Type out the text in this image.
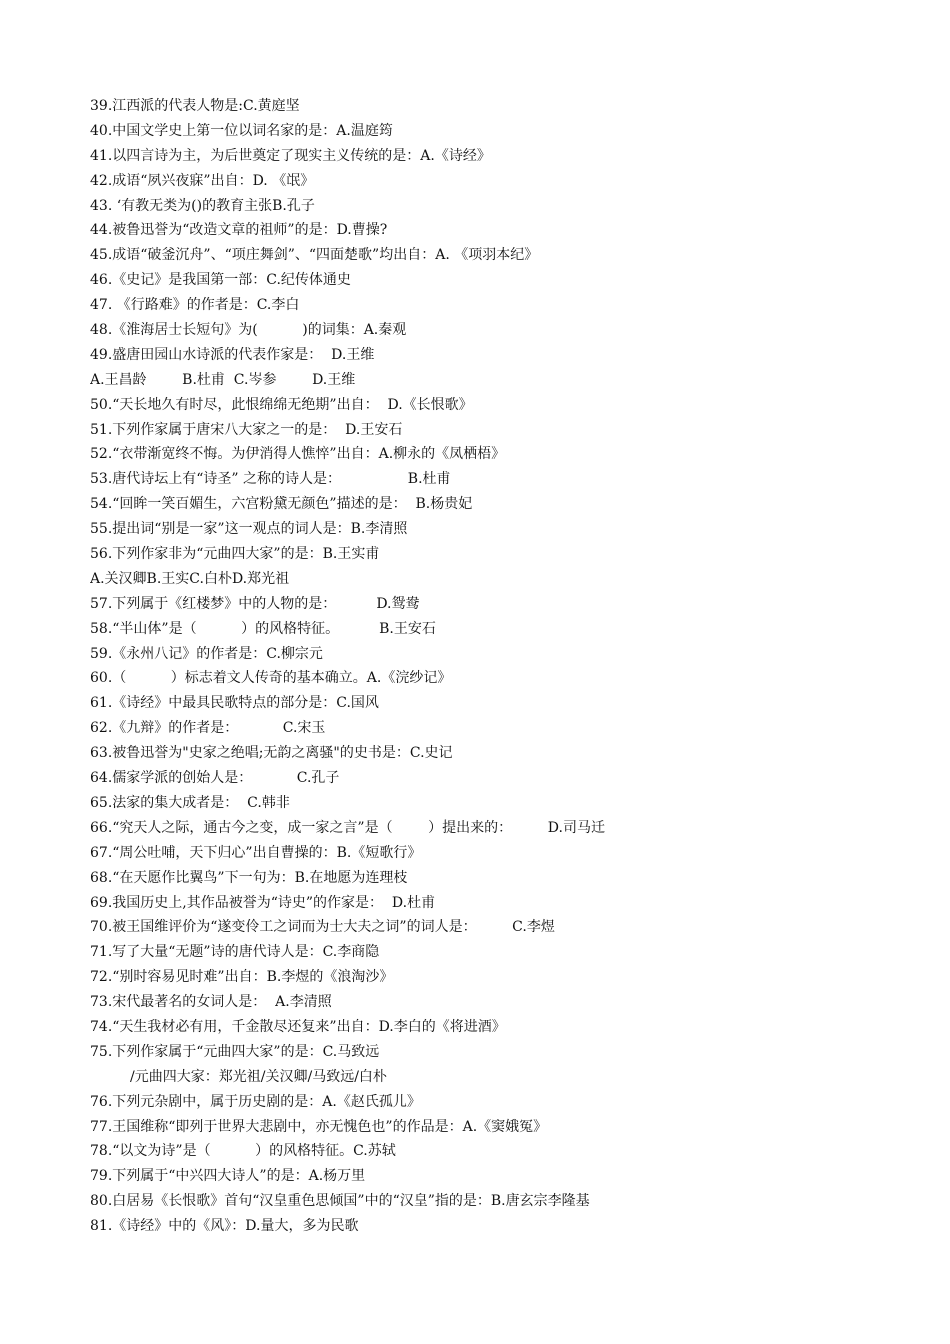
39.江西派的代表人物是:C.黄庭坚
40.中国文学史上第一位以词名家的是：A.温庭筠
41.以四言诗为主，为后世奠定了现实主义传统的是：A.《诗经》
42.成语“夙兴夜寐”出自：D. 《氓》
43. ‘有教无类为()的教育主张B.孔子
44.被鲁迅誉为“改造文章的祖师”的是：D.曹操?
45.成语“破釜沉舟”、“项庄舞剑”、“四面楚歌”均出自：A. 《项羽本纪》
46.《史记》是我国第一部：C.纪传体通史
47. 《行路难》的作者是：C.李白
48.《淮海居士长短句》为(          )的词集：A.秦观
49.盛唐田园山水诗派的代表作家是：  D.王维
A.王昌龄        B.杜甫  C.岑参        D.王维
50.“天长地久有时尽，此恨绵绵无绝期”出自：  D.《长恨歌》
51.下列作家属于唐宋八大家之一的是：  D.王安石
52.“衣带渐宽终不悔。为伊消得人憔悴”出自：A.柳永的《凤栖梧》
53.唐代诗坛上有“诗圣” 之称的诗人是：               B.杜甫
54.“回眸一笑百媚生，六宫粉黛无颜色”描述的是：  B.杨贵妃
55.提出词“别是一家”这一观点的词人是：B.李清照
56.下列作家非为“元曲四大家”的是：B.王实甫
A.关汉卿B.王实C.白朴D.郑光祖
57.下列属于《红楼梦》中的人物的是：         D.鸳鸯
58.“半山体”是（          ）的风格特征。         B.王安石
59.《永州八记》的作者是：C.柳宗元
60.（          ）标志着文人传奇的基本确立。A.《浣纱记》
61.《诗经》中最具民歌特点的部分是：C.国风
62.《九辩》的作者是：          C.宋玉
63.被鲁迅誉为"史家之绝唱;无韵之离骚"的史书是：C.史记
64.儒家学派的创始人是：          C.孔子
65.法家的集大成者是：  C.韩非
66.“究天人之际，通古今之变，成一家之言”是（        ）提出来的：        D.司马迁
67.“周公吐哺，天下归心”出自曹操的：B.《短歌行》
68.“在天愿作比翼鸟”下一句为：B.在地愿为连理枝
69.我国历史上,其作品被誉为“诗史”的作家是：  D.杜甫
70.被王国维评价为“遂变伶工之词而为士大夫之词”的词人是：        C.李煜
71.写了大量“无题”诗的唐代诗人是：C.李商隐
72.“别时容易见时难”出自：B.李煜的《浪淘沙》
73.宋代最著名的女词人是：  A.李清照
74.“天生我材必有用，千金散尽还复来”出自：D.李白的《将进酒》
75.下列作家属于“元曲四大家”的是：C.马致远
/元曲四大家：郑光祖/关汉卿/马致远/白朴
76.下列元杂剧中，属于历史剧的是：A.《赵氏孤儿》
77.王国维称“即列于世界大悲剧中，亦无愧色也”的作品是：A.《窦娥冤》
78.“以文为诗”是（          ）的风格特征。C.苏轼
79.下列属于“中兴四大诗人”的是：A.杨万里
80.白居易《长恨歌》首句“汉皇重色思倾国”中的“汉皇”指的是：B.唐玄宗李隆基
81.《诗经》中的《风》：D.量大，多为民歌
